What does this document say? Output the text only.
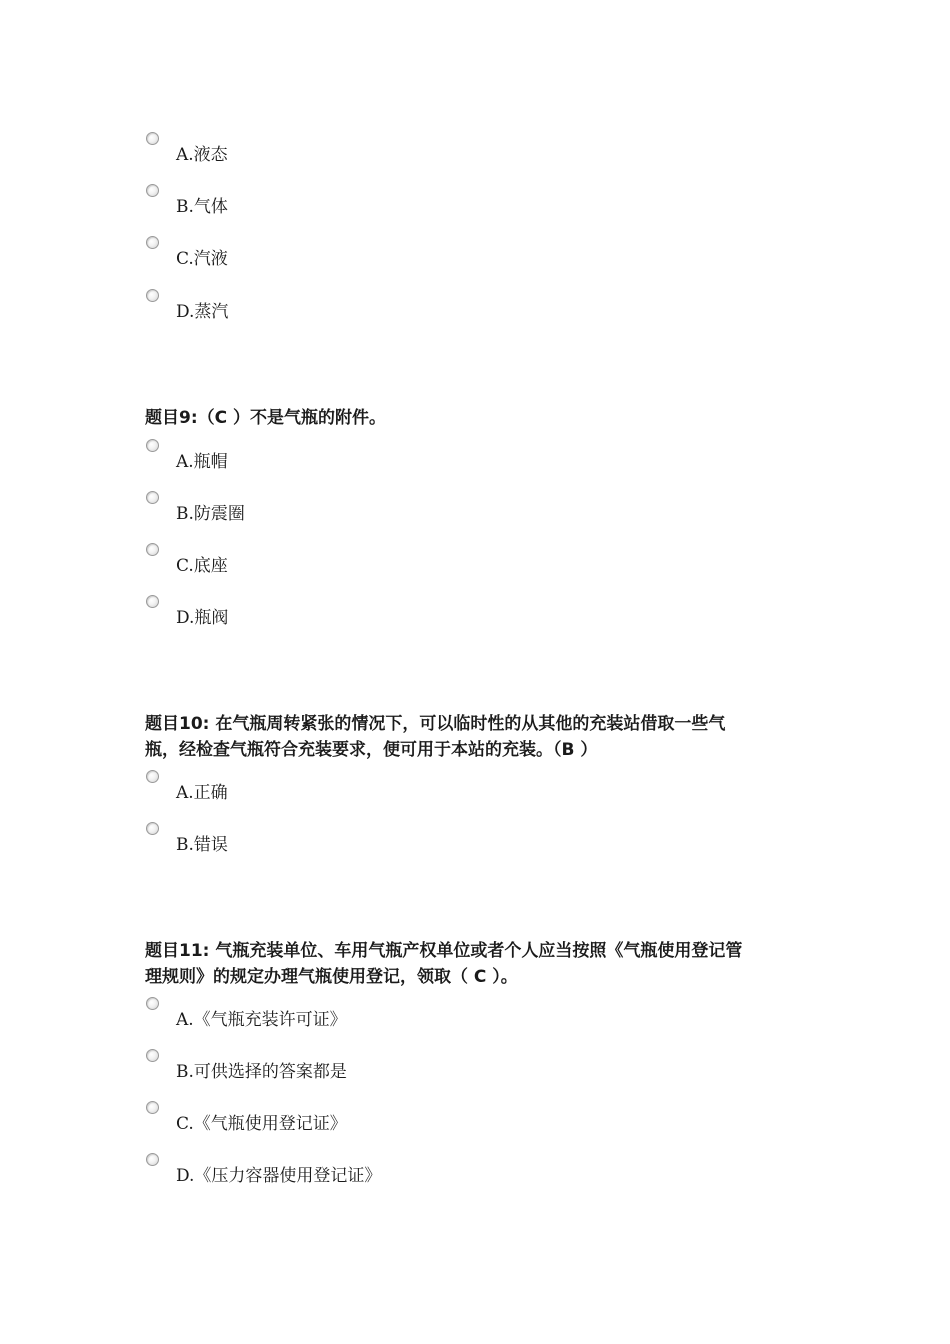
A.液态
B.气体
C.汽液
D.蒸汽
题目9:（C ）不是气瓶的附件。
A.瓶帽
B.防震圈
C.底座
D.瓶阀
题目10: 在气瓶周转紧张的情况下，可以临时性的从其他的充装站借取一些气
瓶，经检查气瓶符合充装要求，便可用于本站的充装。（B ）
A.正确
B.错误
题目11: 气瓶充装单位、车用气瓶产权单位或者个人应当按照《气瓶使用登记管
理规则》的规定办理气瓶使用登记，领取（ C ）。
A.《气瓶充装许可证》
B.可供选择的答案都是
C.《气瓶使用登记证》
D.《压力容器使用登记证》
